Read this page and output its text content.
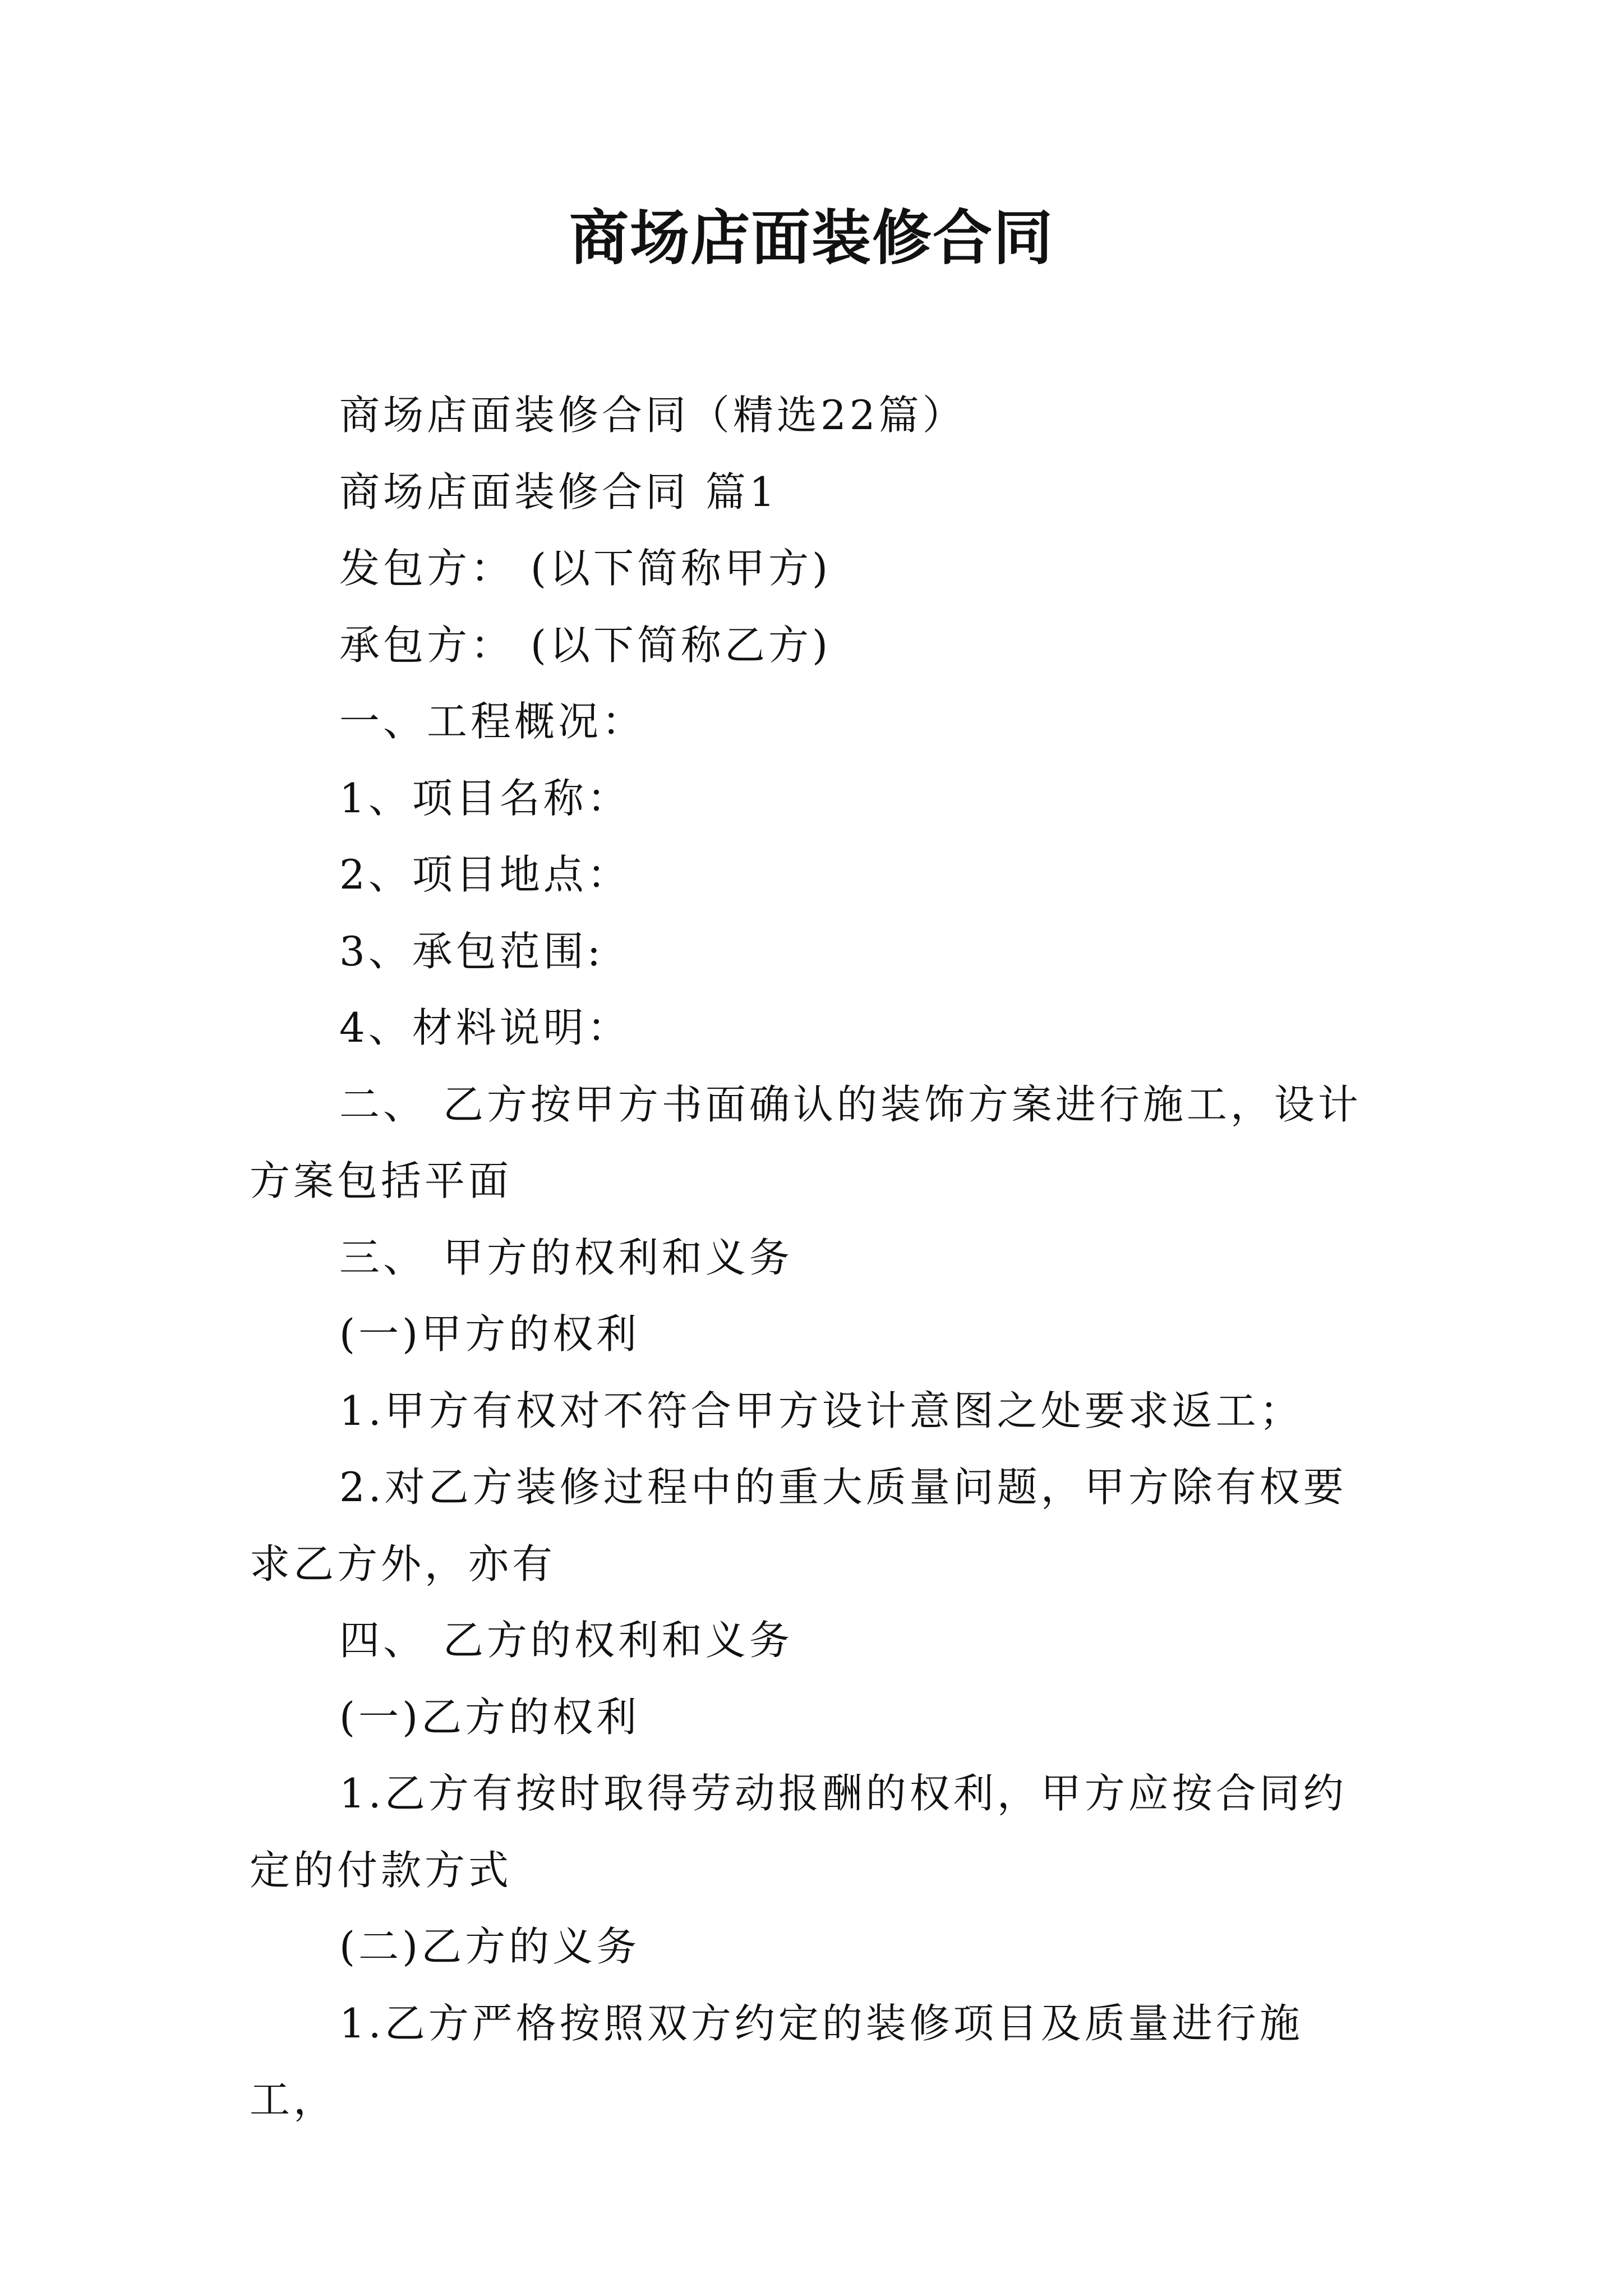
商场店面装修合同

商场店面装修合同（精选22篇）

商场店面装修合同 篇1

发包方： (以下简称甲方)

承包方： (以下简称乙方)

一、工程概况：

1、项目名称：

2、项目地点：

3、承包范围:

4、材料说明：

二、 乙方按甲方书面确认的装饰方案进行施工，设计方案包括平面

三、 甲方的权利和义务

(一)甲方的权利

1.甲方有权对不符合甲方设计意图之处要求返工；

2.对乙方装修过程中的重大质量问题，甲方除有权要求乙方外，亦有

四、 乙方的权利和义务

(一)乙方的权利

1.乙方有按时取得劳动报酬的权利，甲方应按合同约定的付款方式

(二)乙方的义务

1.乙方严格按照双方约定的装修项目及质量进行施工，
